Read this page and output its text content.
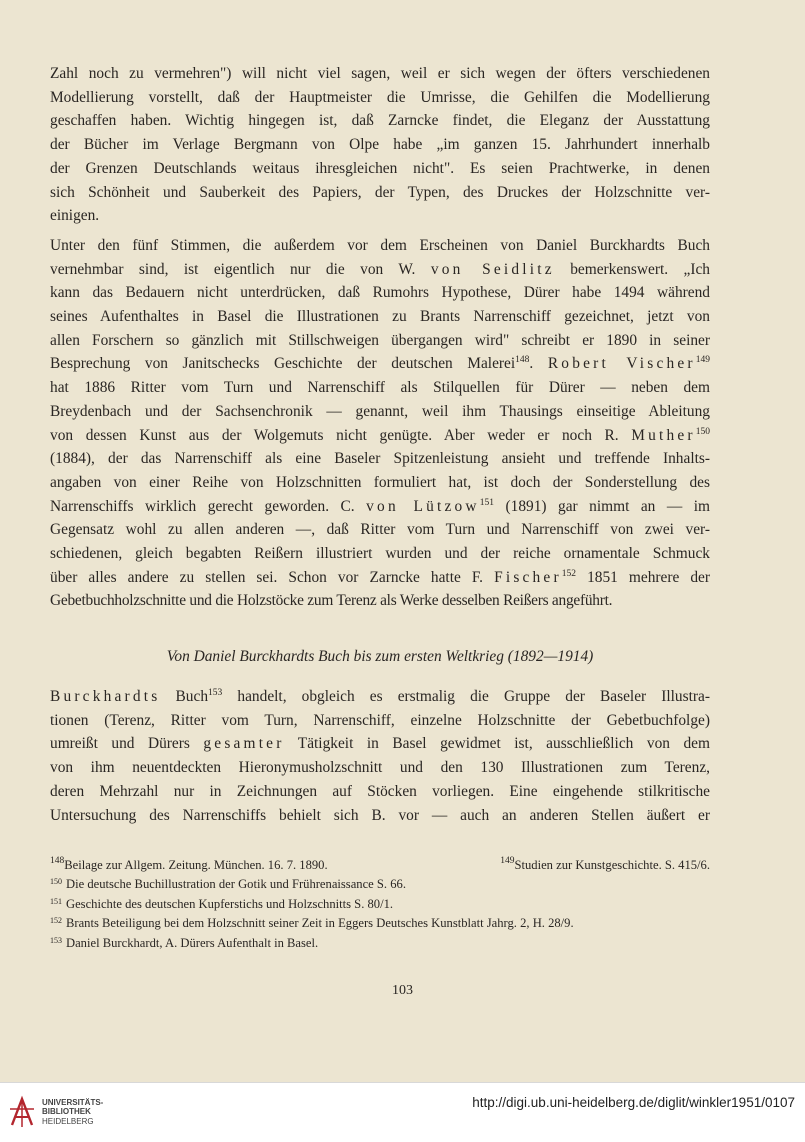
Zahl noch zu vermehren") will nicht viel sagen, weil er sich wegen der öfters verschiedenen
Modellierung vorstellt, daß der Hauptmeister die Umrisse, die Gehilfen die Modellierung
geschaffen haben. Wichtig hingegen ist, daß Zarncke findet, die Eleganz der Ausstattung
der Bücher im Verlage Bergmann von Olpe habe „im ganzen 15. Jahrhundert innerhalb
der Grenzen Deutschlands weitaus ihresgleichen nicht". Es seien Prachtwerke, in denen
sich Schönheit und Sauberkeit des Papiers, der Typen, des Druckes der Holzschnitte ver-
einigen.
Unter den fünf Stimmen, die außerdem vor dem Erscheinen von Daniel Burckhardts Buch
vernehmbar sind, ist eigentlich nur die von W. von Seidlitz bemerkenswert. „Ich
kann das Bedauern nicht unterdrücken, daß Rumohrs Hypothese, Dürer habe 1494 während
seines Aufenthaltes in Basel die Illustrationen zu Brants Narrenschiff gezeichnet, jetzt von
allen Forschern so gänzlich mit Stillschweigen übergangen wird" schreibt er 1890 in seiner
Besprechung von Janitschecks Geschichte der deutschen Malerei$^{148}$. Robert Vischer$^{149}$
hat 1886 Ritter vom Turn und Narrenschiff als Stilquellen für Dürer — neben dem
Breydenbach und der Sachsenchronik — genannt, weil ihm Thausings einseitige Ableitung
von dessen Kunst aus der Wolgemuts nicht genügte. Aber weder er noch R. Muther$^{150}$
(1884), der das Narrenschiff als eine Baseler Spitzenleistung ansieht und treffende Inhalts-
angaben von einer Reihe von Holzschnitten formuliert hat, ist doch der Sonderstellung des
Narrenschiffs wirklich gerecht geworden. C. von Lützow$^{151}$ (1891) gar nimmt an — im
Gegensatz wohl zu allen anderen —, daß Ritter vom Turn und Narrenschiff von zwei ver-
schiedenen, gleich begabten Reißern illustriert wurden und der reiche ornamentale Schmuck
über alles andere zu stellen sei. Schon vor Zarncke hatte F. Fischer$^{152}$ 1851 mehrere der
Gebetbuchholzschnitte und die Holzstöcke zum Terenz als Werke desselben Reißers angeführt.
Von Daniel Burckhardts Buch bis zum ersten Weltkrieg (1892—1914)
Burckhardts Buch$^{153}$ handelt, obgleich es erstmalig die Gruppe der Baseler Illustra-
tionen (Terenz, Ritter vom Turn, Narrenschiff, einzelne Holzschnitte der Gebetbuchfolge)
umreißt und Dürers gesamter Tätigkeit in Basel gewidmet ist, ausschließlich von dem
von ihm neuentdeckten Hieronymusholzschnitt und den 130 Illustrationen zum Terenz,
deren Mehrzahl nur in Zeichnungen auf Stöcken vorliegen. Eine eingehende stilkritische
Untersuchung des Narrenschiffs behielt sich B. vor — auch an anderen Stellen äußert er
$^{148}$Beilage zur Allgem. Zeitung. München. 16. 7. 1890.	$^{149}$Studien zur Kunstgeschichte. S. 415/6.
$^{150}$ Die deutsche Buchillustration der Gotik und Frührenaissance S. 66.
$^{151}$ Geschichte des deutschen Kupferstichs und Holzschnitts S. 80/1.
$^{152}$ Brants Beteiligung bei dem Holzschnitt seiner Zeit in Eggers Deutsches Kunstblatt Jahrg. 2, H. 28/9.
$^{153}$ Daniel Burckhardt, A. Dürers Aufenthalt in Basel.
103
UNIVERSITÄTS-
BIBLIOTHEK
HEIDELBERG
http://digi.ub.uni-heidelberg.de/diglit/winkler1951/0107
